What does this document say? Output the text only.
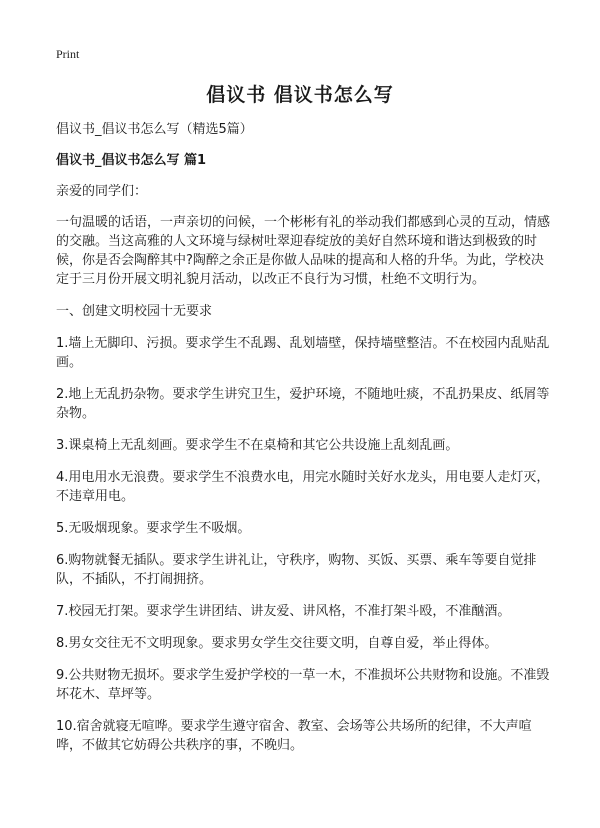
Print
倡议书 倡议书怎么写

倡议书_倡议书怎么写（精选5篇）

倡议书_倡议书怎么写 篇1

亲爱的同学们：

一句温暖的话语，一声亲切的问候，一个彬彬有礼的举动我们都感到心灵的互动，情感的交融。当这高雅的人文环境与绿树吐翠迎春绽放的美好自然环境和谐达到极致的时候，你是否会陶醉其中?陶醉之余正是你做人品味的提高和人格的升华。为此，学校决定于三月份开展文明礼貌月活动，以改正不良行为习惯，杜绝不文明行为。

一、创建文明校园十无要求

1.墙上无脚印、污损。要求学生不乱踢、乱划墙壁，保持墙壁整洁。不在校园内乱贴乱画。

2.地上无乱扔杂物。要求学生讲究卫生，爱护环境，不随地吐痰，不乱扔果皮、纸屑等杂物。

3.课桌椅上无乱刻画。要求学生不在桌椅和其它公共设施上乱刻乱画。

4.用电用水无浪费。要求学生不浪费水电，用完水随时关好水龙头，用电要人走灯灭，不违章用电。

5.无吸烟现象。要求学生不吸烟。

6.购物就餐无插队。要求学生讲礼让，守秩序，购物、买饭、买票、乘车等要自觉排队，不插队，不打闹拥挤。

7.校园无打架。要求学生讲团结、讲友爱、讲风格，不准打架斗殴，不准酗酒。

8.男女交往无不文明现象。要求男女学生交往要文明，自尊自爱，举止得体。

9.公共财物无损坏。要求学生爱护学校的一草一木，不准损坏公共财物和设施。不准毁坏花木、草坪等。

10.宿舍就寝无喧哗。要求学生遵守宿舍、教室、会场等公共场所的纪律，不大声喧哗，不做其它妨碍公共秩序的事，不晚归。
